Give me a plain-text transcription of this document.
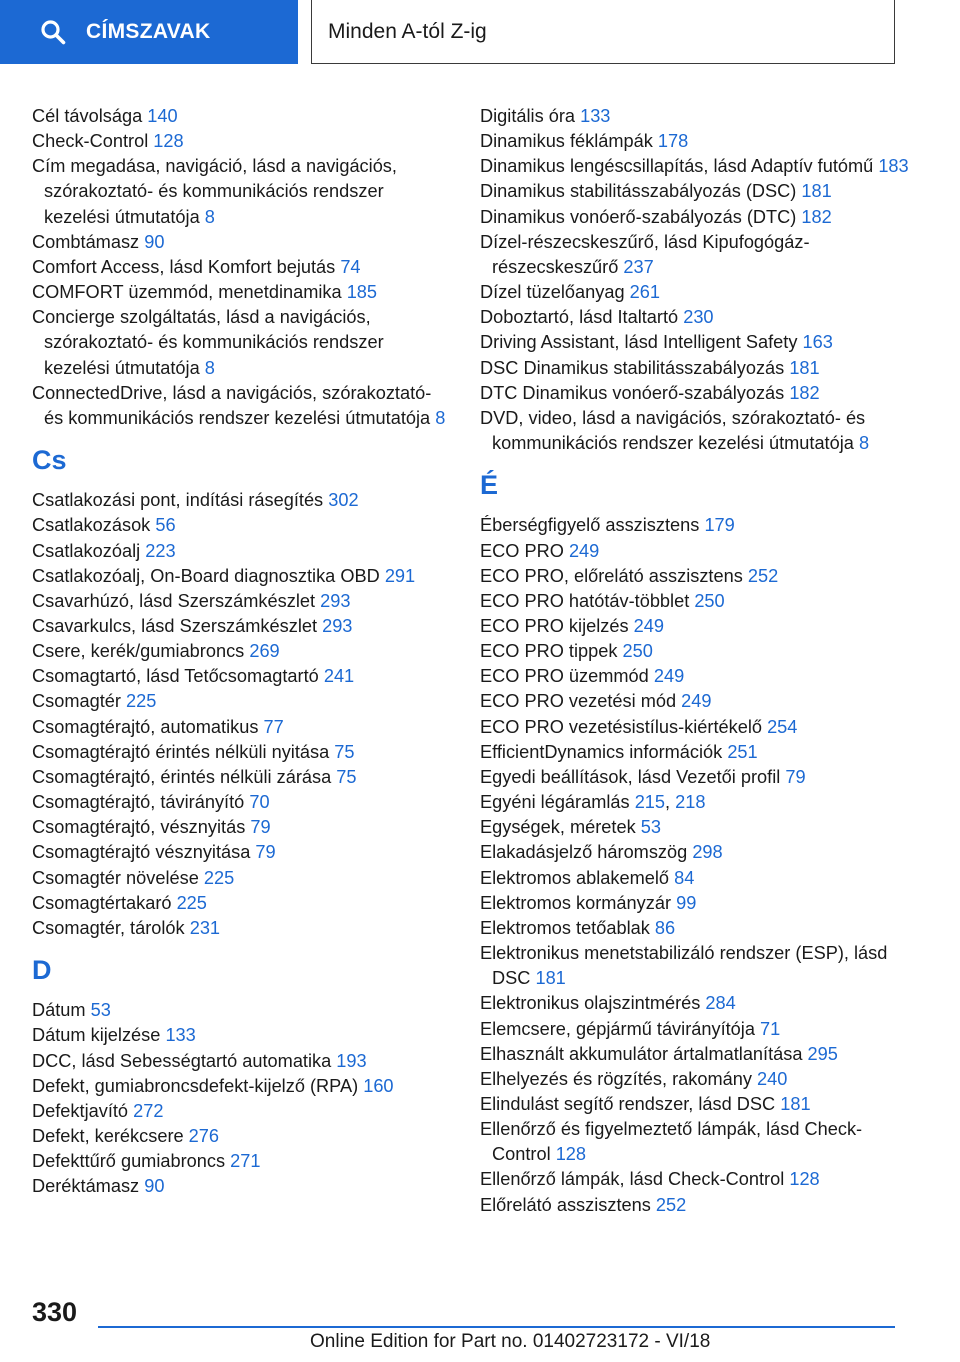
CÍMSZAVAK	Minden A-tól Z-ig
Cél távolsága 140
Check-Control 128
Cím megadása, navigáció, lásd a navigációs, szórakoztató- és kommunikációs rendszer kezelési útmutatója 8
Combtámasz 90
Comfort Access, lásd Komfort bejutás 74
COMFORT üzemmód, menetdinamika 185
Concierge szolgáltatás, lásd a navigációs, szórakoztató- és kommunikációs rendszer kezelési útmutatója 8
ConnectedDrive, lásd a navigációs, szórakoztató- és kommunikációs rendszer kezelési útmutatója 8
Cs
Csatlakozási pont, indítási rásegítés 302
Csatlakozások 56
Csatlakozóalj 223
Csatlakozóalj, On-Board diagnosztika OBD 291
Csavarhúzó, lásd Szerszámkészlet 293
Csavarkulcs, lásd Szerszámkészlet 293
Csere, kerék/gumiabroncs 269
Csomagtartó, lásd Tetőcsomagtartó 241
Csomagtér 225
Csomagtérajtó, automatikus 77
Csomagtérajtó érintés nélküli nyitása 75
Csomagtérajtó, érintés nélküli zárása 75
Csomagtérajtó, távirányító 70
Csomagtérajtó, vésznyitás 79
Csomagtérajtó vésznyitása 79
Csomagtér növelése 225
Csomagtértakaró 225
Csomagtér, tárolók 231
D
Dátum 53
Dátum kijelzése 133
DCC, lásd Sebességtartó automatika 193
Defekt, gumiabroncsdefekt-kijelző (RPA) 160
Defektjavító 272
Defekt, kerékcsere 276
Defekttűrő gumiabroncs 271
Deréktámasz 90
Digitális óra 133
Dinamikus féklámpák 178
Dinamikus lengéscsillapítás, lásd Adaptív futómű 183
Dinamikus stabilitásszabályozás (DSC) 181
Dinamikus vonóerő-szabályozás (DTC) 182
Dízel-részecskeszűrő, lásd Kipufogógáz-részecskeszűrő 237
Dízel tüzelőanyag 261
Doboztartó, lásd Italtartó 230
Driving Assistant, lásd Intelligent Safety 163
DSC Dinamikus stabilitásszabályozás 181
DTC Dinamikus vonóerő-szabályozás 182
DVD, video, lásd a navigációs, szórakoztató- és kommunikációs rendszer kezelési útmutatója 8
É
Éberségfigyelő asszisztens 179
ECO PRO 249
ECO PRO, előrelátó asszisztens 252
ECO PRO hatótáv-többlet 250
ECO PRO kijelzés 249
ECO PRO tippek 250
ECO PRO üzemmód 249
ECO PRO vezetési mód 249
ECO PRO vezetésistílus-kiértékelő 254
EfficientDynamics információk 251
Egyedi beállítások, lásd Vezetői profil 79
Egyéni légáramlás 215, 218
Egységek, méretek 53
Elakadásjelző háromszög 298
Elektromos ablakemelő 84
Elektromos kormányzár 99
Elektromos tetőablak 86
Elektronikus menetstabilizáló rendszer (ESP), lásd DSC 181
Elektronikus olajszintmérés 284
Elemcsere, gépjármű távirányítója 71
Elhasznált akkumulátor ártalmatlanítása 295
Elhelyezés és rögzítés, rakomány 240
Elindulást segítő rendszer, lásd DSC 181
Ellenőrző és figyelmeztető lámpák, lásd Check-Control 128
Ellenőrző lámpák, lásd Check-Control 128
Előrelátó asszisztens 252
330
Online Edition for Part no. 01402723172 - VI/18
